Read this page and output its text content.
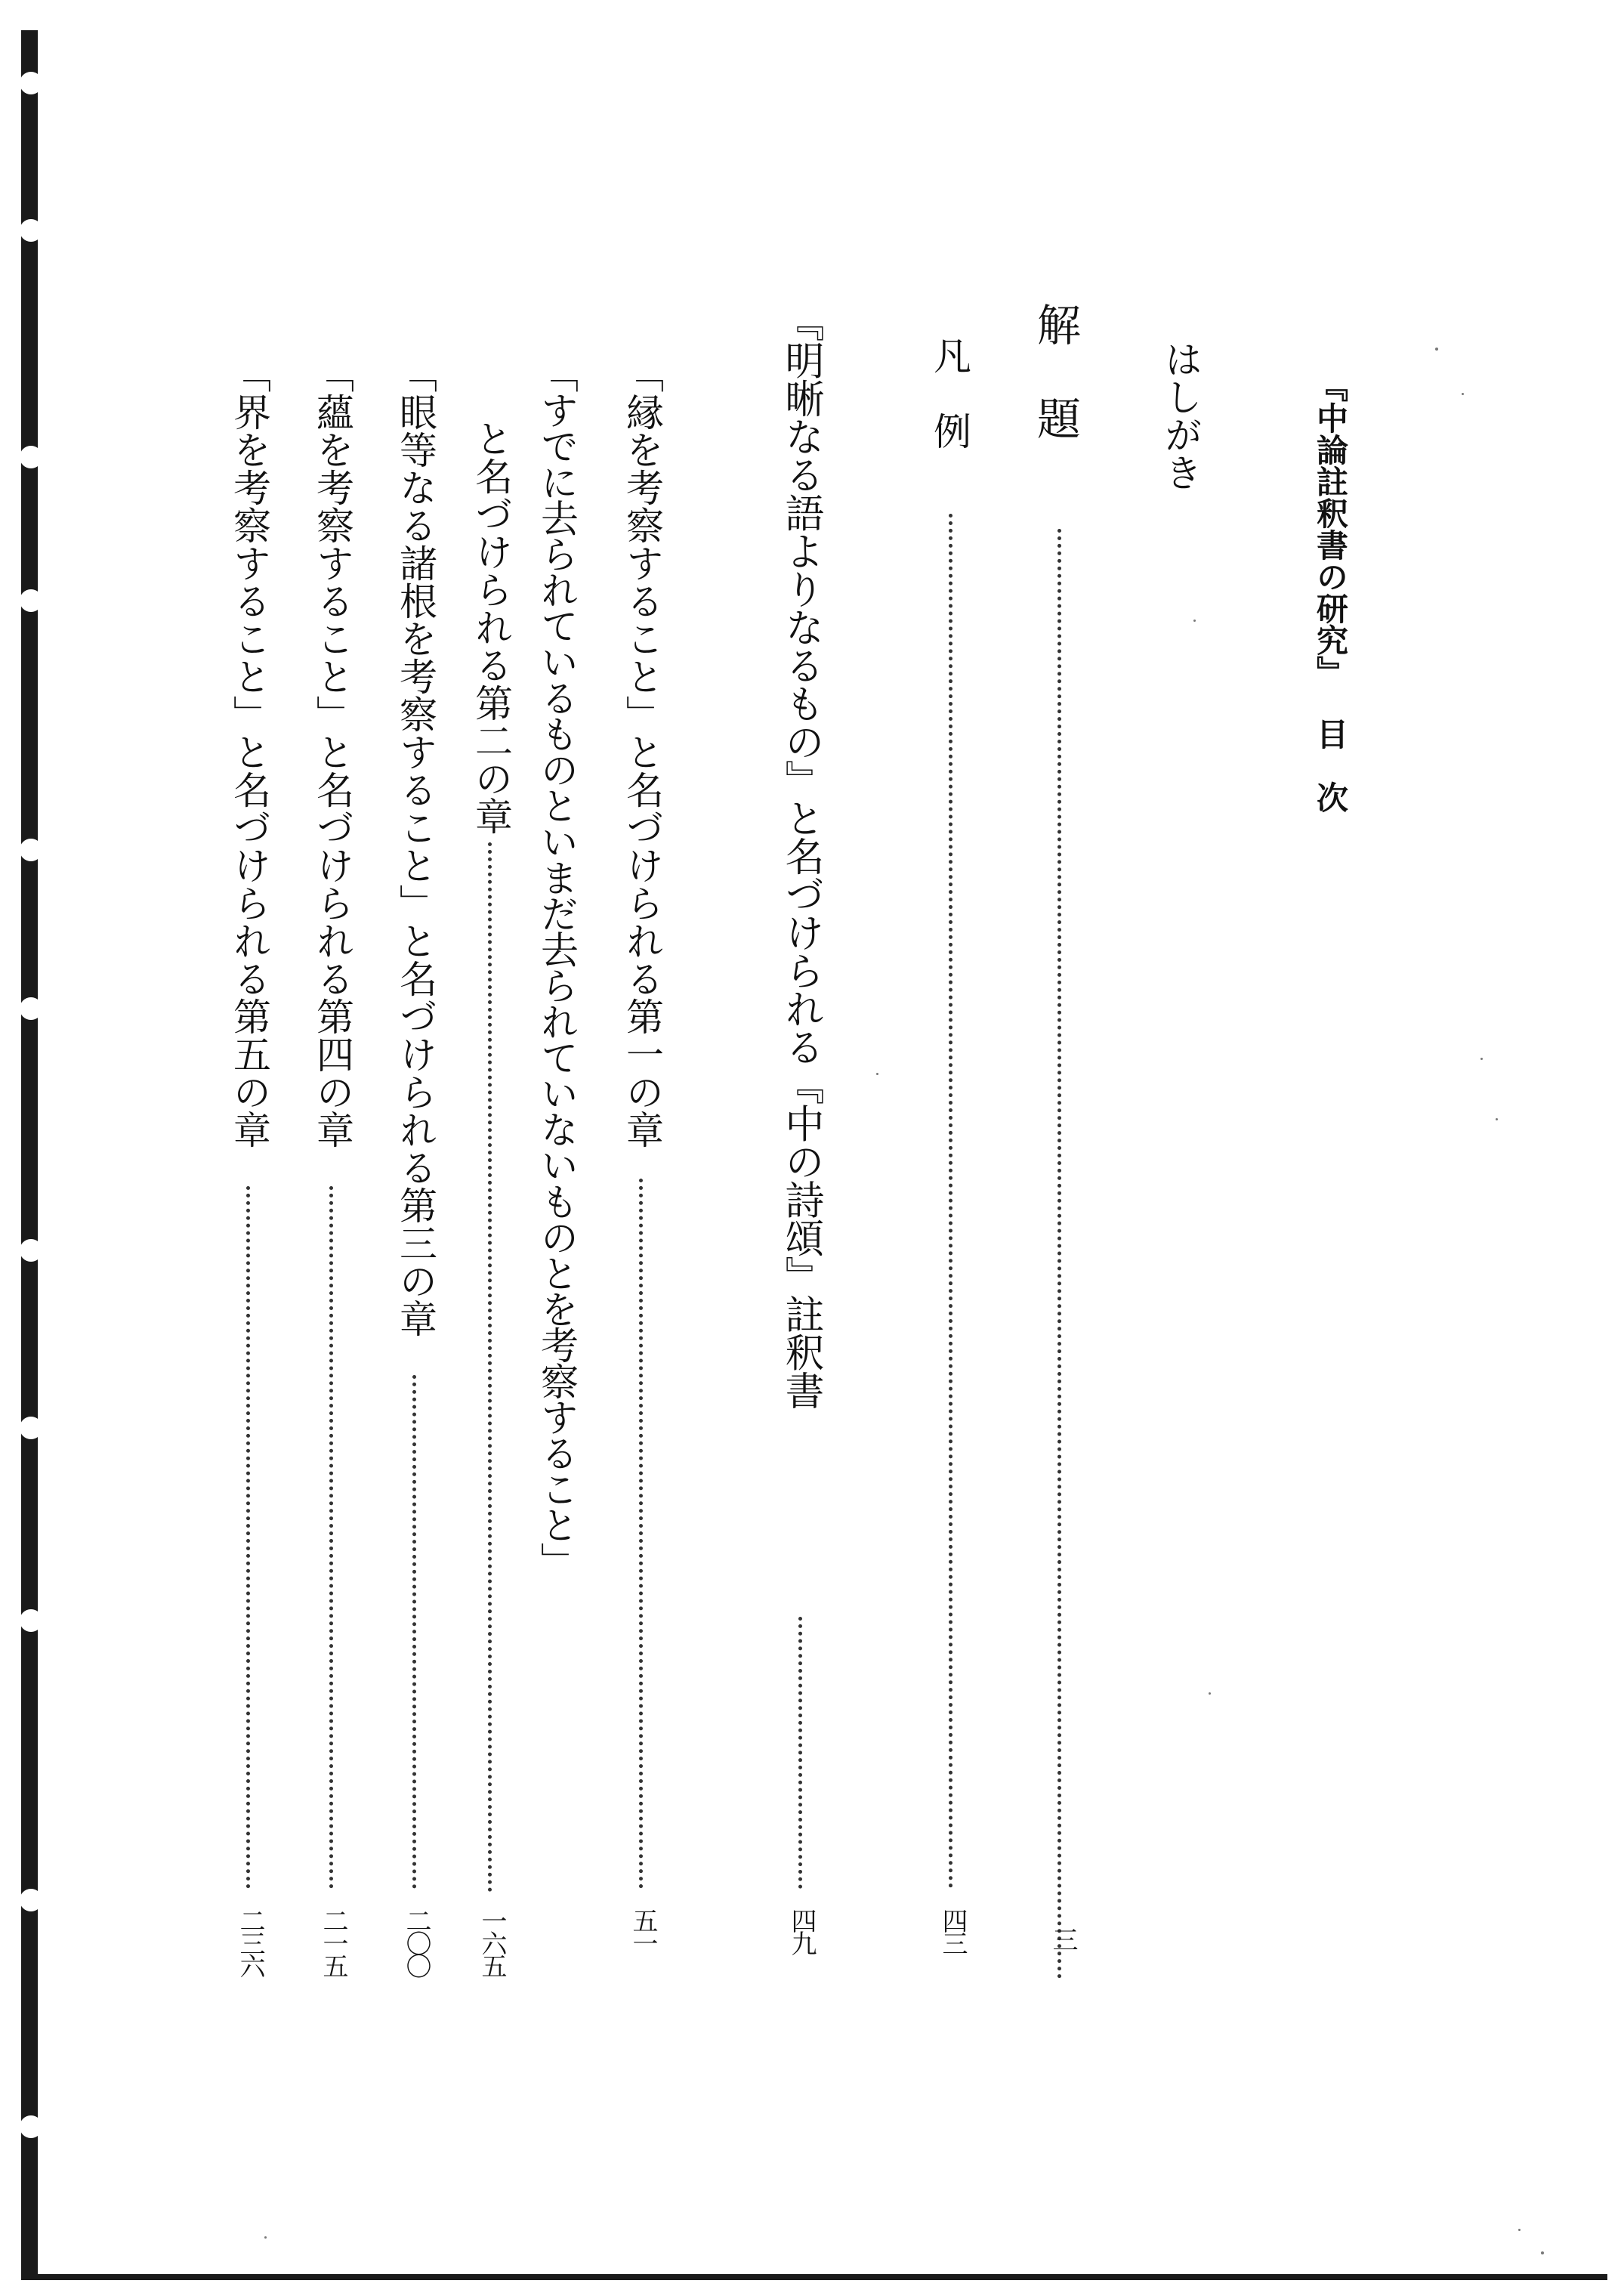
『中論註釈書の研究』目　次
はしがき
解　題
三
凡　例
四三
『明晰なる語よりなるもの』と名づけられる『中の詩頌』註釈書
四九
「縁を考察すること」と名づけられる第一の章
五一
「すでに去られているものといまだ去られていないものとを考察すること」
と名づけられる第二の章
一六五
「眼等なる諸根を考察すること」と名づけられる第三の章
二〇〇
「蘊を考察すること」と名づけられる第四の章
二一五
「界を考察すること」と名づけられる第五の章
二三六
